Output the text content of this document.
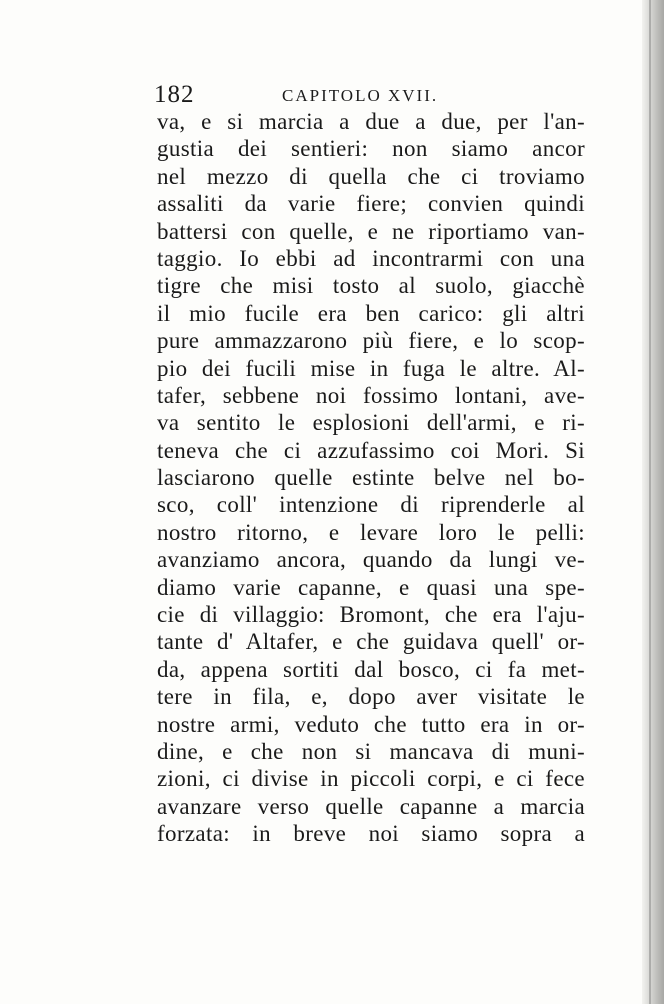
182	CAPITOLO XVII.
va, e si marcia a due a due, per l'an-
gustia dei sentieri: non siamo ancor
nel mezzo di quella che ci troviamo
assaliti da varie fiere; convien quindi
battersi con quelle, e ne riportiamo van-
taggio. Io ebbi ad incontrarmi con una
tigre che misi tosto al suolo, giacchè
il mio fucile era ben carico: gli altri
pure ammazzarono più fiere, e lo scop-
pio dei fucili mise in fuga le altre. Al-
tafer, sebbene noi fossimo lontani, ave-
va sentito le esplosioni dell'armi, e ri-
teneva che ci azzufassimo coi Mori. Si
lasciarono quelle estinte belve nel bo-
sco, coll' intenzione di riprenderle al
nostro ritorno, e levare loro le pelli:
avanziamo ancora, quando da lungi ve-
diamo varie capanne, e quasi una spe-
cie di villaggio: Bromont, che era l'aju-
tante d' Altafer, e che guidava quell' or-
da, appena sortiti dal bosco, ci fa met-
tere in fila, e, dopo aver visitate le
nostre armi, veduto che tutto era in or-
dine, e che non si mancava di muni-
zioni, ci divise in piccoli corpi, e ci fece
avanzare verso quelle capanne a marcia
forzata: in breve noi siamo sopra a
